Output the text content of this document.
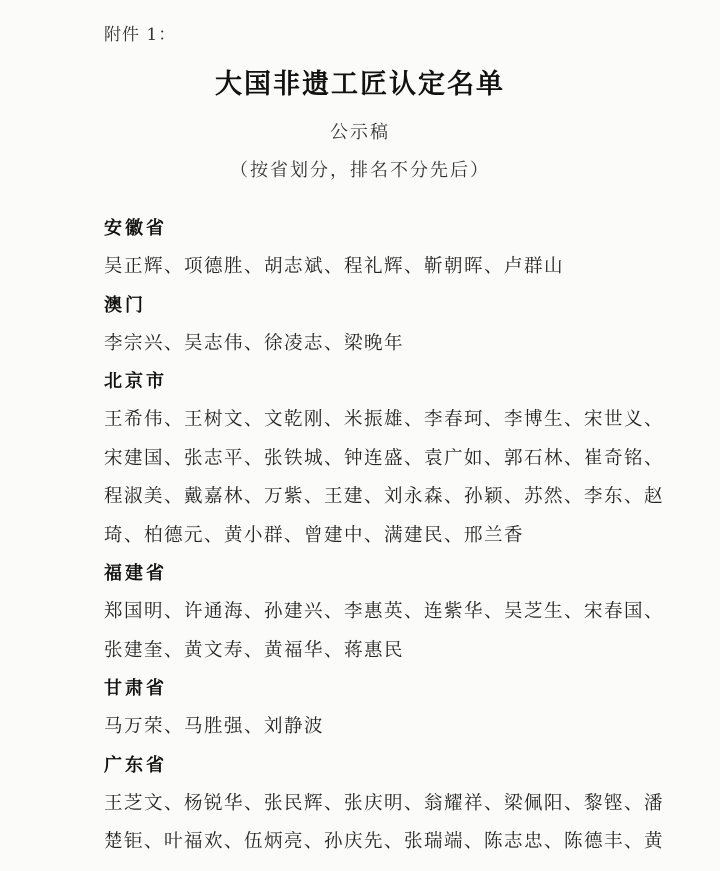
附件 1：
大国非遗工匠认定名单
公示稿
（按省划分，排名不分先后）
安徽省
吴正辉、项德胜、胡志斌、程礼辉、靳朝晖、卢群山
澳门
李宗兴、吴志伟、徐凌志、梁晚年
北京市
王希伟、王树文、文乾刚、米振雄、李春珂、李博生、宋世义、宋建国、张志平、张铁城、钟连盛、袁广如、郭石林、崔奇铭、程淑美、戴嘉林、万紫、王建、刘永森、孙颖、苏然、李东、赵琦、柏德元、黄小群、曾建中、满建民、邢兰香
福建省
郑国明、许通海、孙建兴、李惠英、连紫华、吴芝生、宋春国、张建奎、黄文寿、黄福华、蒋惠民
甘肃省
马万荣、马胜强、刘静波
广东省
王芝文、杨锐华、张民辉、张庆明、翁耀祥、梁佩阳、黎铿、潘楚钜、叶福欢、伍炳亮、孙庆先、张瑞端、陈志忠、陈德丰、黄
